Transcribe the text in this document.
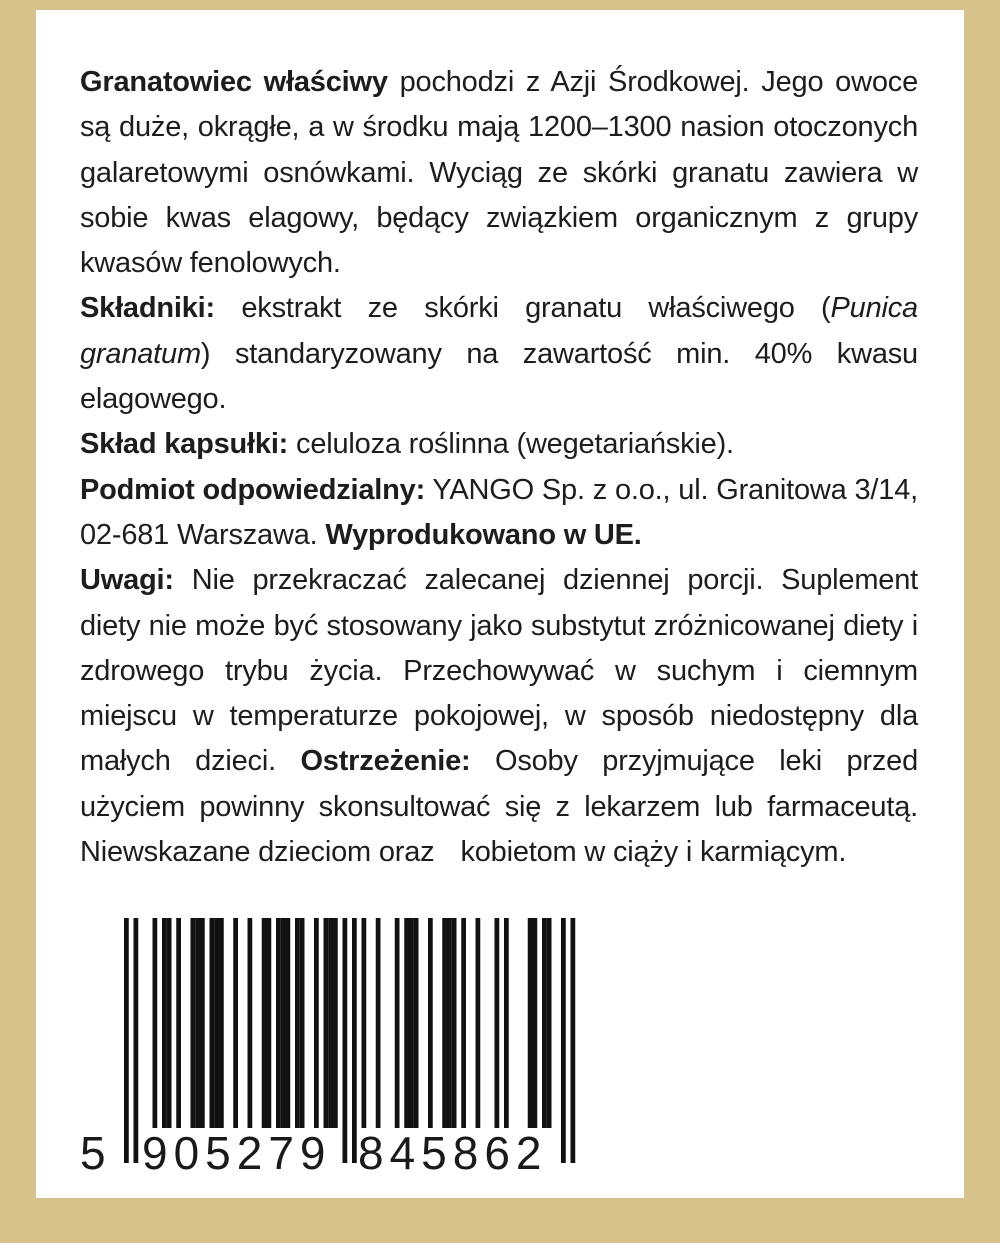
Granatowiec właściwy pochodzi z Azji Środkowej. Jego owoce są duże, okrągłe, a w środku mają 1200–1300 nasion otoczonych galaretowymi osnówkami. Wyciąg ze skórki granatu zawiera w sobie kwas elagowy, będący związkiem organicznym z grupy kwasów fenolowych.

Składniki: ekstrakt ze skórki granatu właściwego (Punica granatum) standaryzowany na zawartość min. 40% kwasu elagowego.

Skład kapsułki: celuloza roślinna (wegetariańskie).

Podmiot odpowiedzialny: YANGO Sp. z o.o., ul. Granitowa 3/14, 02-681 Warszawa. Wyprodukowano w UE.

Uwagi: Nie przekraczać zalecanej dziennej porcji. Suplement diety nie może być stosowany jako substytut zróżnicowanej diety i zdrowego trybu życia. Przechowywać w suchym i ciemnym miejscu w temperaturze pokojowej, w sposób niedostępny dla małych dzieci. Ostrzeżenie: Osoby przyjmujące leki przed użyciem powinny skonsultować się z lekarzem lub farmaceutą. Niewskazane dzieciom oraz kobietom w ciąży i karmiącym.

5 905279 845862
